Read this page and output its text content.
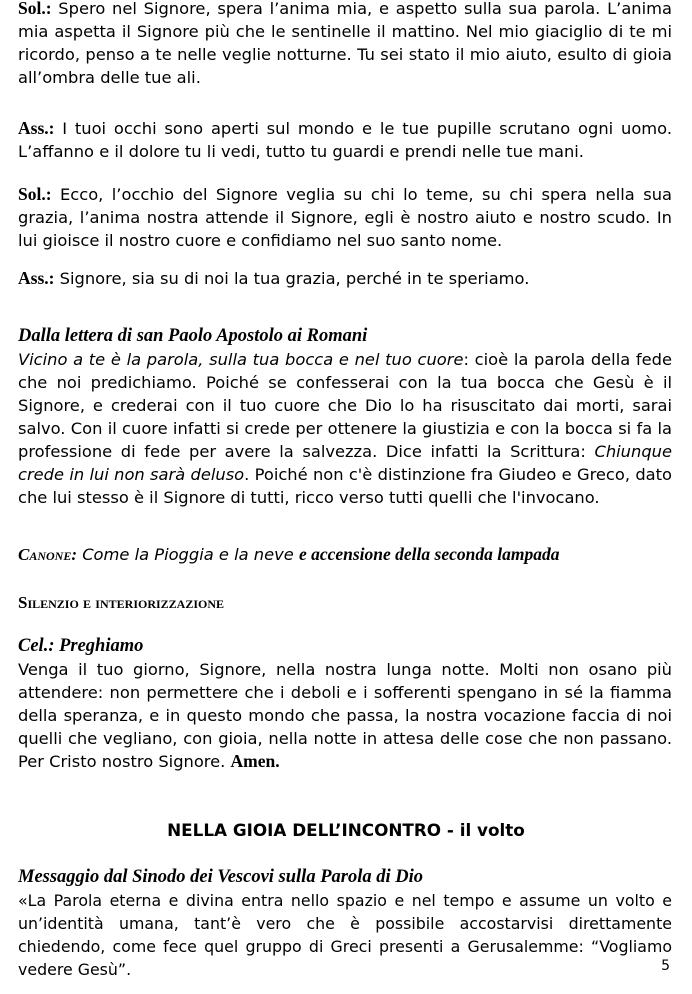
Sol.: Spero nel Signore, spera l’anima mia, e aspetto sulla sua parola. L’anima mia aspetta il Signore più che le sentinelle il mattino. Nel mio giaciglio di te mi ricordo, penso a te nelle veglie notturne. Tu sei stato il mio aiuto, esulto di gioia all’ombra delle tue ali.

Ass.: I tuoi occhi sono aperti sul mondo e le tue pupille scrutano ogni uomo. L’affanno e il dolore tu li vedi, tutto tu guardi e prendi nelle tue mani.

Sol.: Ecco, l’occhio del Signore veglia su chi lo teme, su chi spera nella sua grazia, l’anima nostra attende il Signore, egli è nostro aiuto e nostro scudo. In lui gioisce il nostro cuore e confidiamo nel suo santo nome.

Ass.: Signore, sia su di noi la tua grazia, perché in te speriamo.

Dalla lettera di san Paolo Apostolo ai Romani
Vicino a te è la parola, sulla tua bocca e nel tuo cuore: cioè la parola della fede che noi predichiamo. Poiché se confesserai con la tua bocca che Gesù è il Signore, e crederai con il tuo cuore che Dio lo ha risuscitato dai morti, sarai salvo. Con il cuore infatti si crede per ottenere la giustizia e con la bocca si fa la professione di fede per avere la salvezza. Dice infatti la Scrittura: Chiunque crede in lui non sarà deluso. Poiché non c'è distinzione fra Giudeo e Greco, dato che lui stesso è il Signore di tutti, ricco verso tutti quelli che l'invocano.
Canone: Come la Pioggia e la neve e accensione della seconda lampada
Silenzio e interiorizzazione
Cel.: Preghiamo
Venga il tuo giorno, Signore, nella nostra lunga notte. Molti non osano più attendere: non permettere che i deboli e i sofferenti spengano in sé la fiamma della speranza, e in questo mondo che passa, la nostra vocazione faccia di noi quelli che vegliano, con gioia, nella notte in attesa delle cose che non passano. Per Cristo nostro Signore. Amen.
NELLA GIOIA DELL’INCONTRO - il volto
Messaggio dal Sinodo dei Vescovi sulla Parola di Dio
«La Parola eterna e divina entra nello spazio e nel tempo e assume un volto e un’identità umana, tant’è vero che è possibile accostarvisi direttamente chiedendo, come fece quel gruppo di Greci presenti a Gerusalemme: “Vogliamo vedere Gesù”.	5
